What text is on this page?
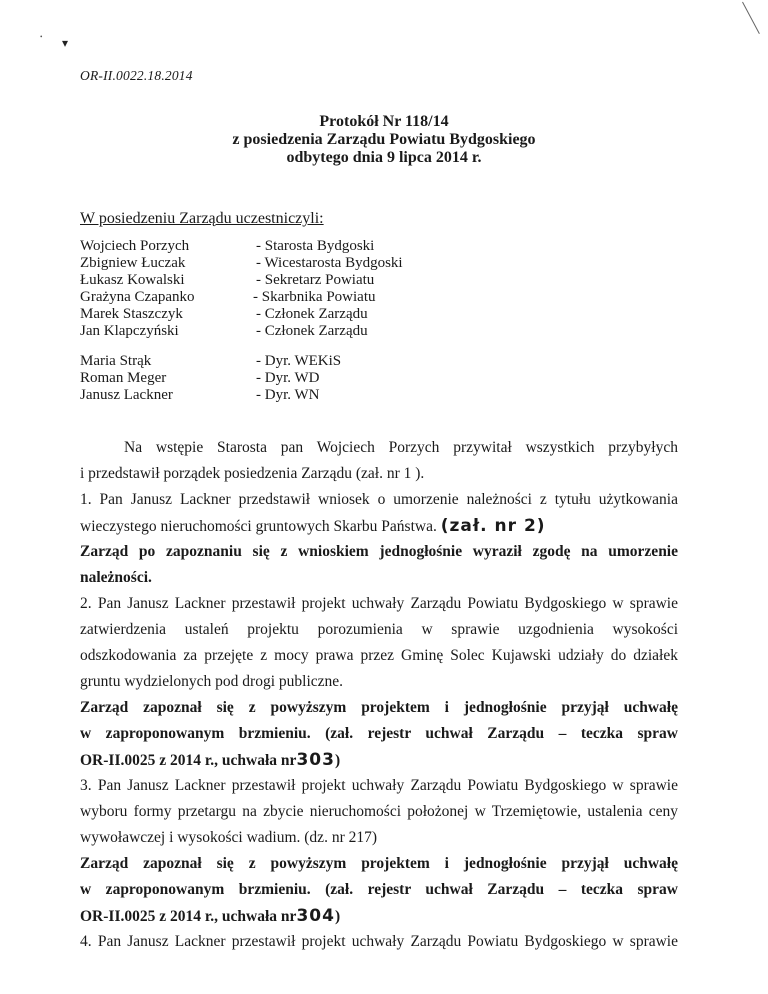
• ▾
OR-II.0022.18.2014
Protokół Nr 118/14
z posiedzenia Zarządu Powiatu Bydgoskiego
odbytego dnia 9 lipca 2014 r.
W posiedzeniu Zarządu uczestniczyli:
Wojciech Porzych
Zbigniew Łuczak
Łukasz Kowalski
Grażyna Czapanko
Marek Staszczyk
Jan Klapczyński
- Starosta Bydgoski
- Wicestarosta Bydgoski
- Sekretarz Powiatu
- Skarbnika Powiatu
- Członek Zarządu
- Członek Zarządu
Maria Strąk
Roman Meger
Janusz Lackner
- Dyr. WEKiS
- Dyr. WD
- Dyr. WN
Na wstępie Starosta pan Wojciech Porzych przywitał wszystkich przybyłych
i przedstawił porządek posiedzenia Zarządu (zał. nr 1 ).
1. Pan Janusz Lackner przedstawił wniosek o umorzenie należności z tytułu użytkowania
wieczystego nieruchomości gruntowych Skarbu Państwa. (zał. nr 2)
Zarząd po zapoznaniu się z wnioskiem jednogłośnie wyraził zgodę na umorzenie
należności.
2. Pan Janusz Lackner przestawił projekt uchwały Zarządu Powiatu Bydgoskiego w sprawie
zatwierdzenia ustaleń projektu porozumienia w sprawie uzgodnienia wysokości
odszkodowania za przejęte z mocy prawa przez Gminę Solec Kujawski udziały do działek
gruntu wydzielonych pod drogi publiczne.
Zarząd zapoznał się z powyższym projektem i jednogłośnie przyjął uchwałę
w zaproponowanym brzmieniu. (zał. rejestr uchwał Zarządu – teczka spraw
OR-II.0025 z 2014 r., uchwała nr303)
3. Pan Janusz Lackner przestawił projekt uchwały Zarządu Powiatu Bydgoskiego w sprawie
wyboru formy przetargu na zbycie nieruchomości położonej w Trzemiętowie, ustalenia ceny
wywoławczej i wysokości wadium. (dz. nr 217)
Zarząd zapoznał się z powyższym projektem i jednogłośnie przyjął uchwałę
w zaproponowanym brzmieniu. (zał. rejestr uchwał Zarządu – teczka spraw
OR-II.0025 z 2014 r., uchwała nr304)
4. Pan Janusz Lackner przestawił projekt uchwały Zarządu Powiatu Bydgoskiego w sprawie
